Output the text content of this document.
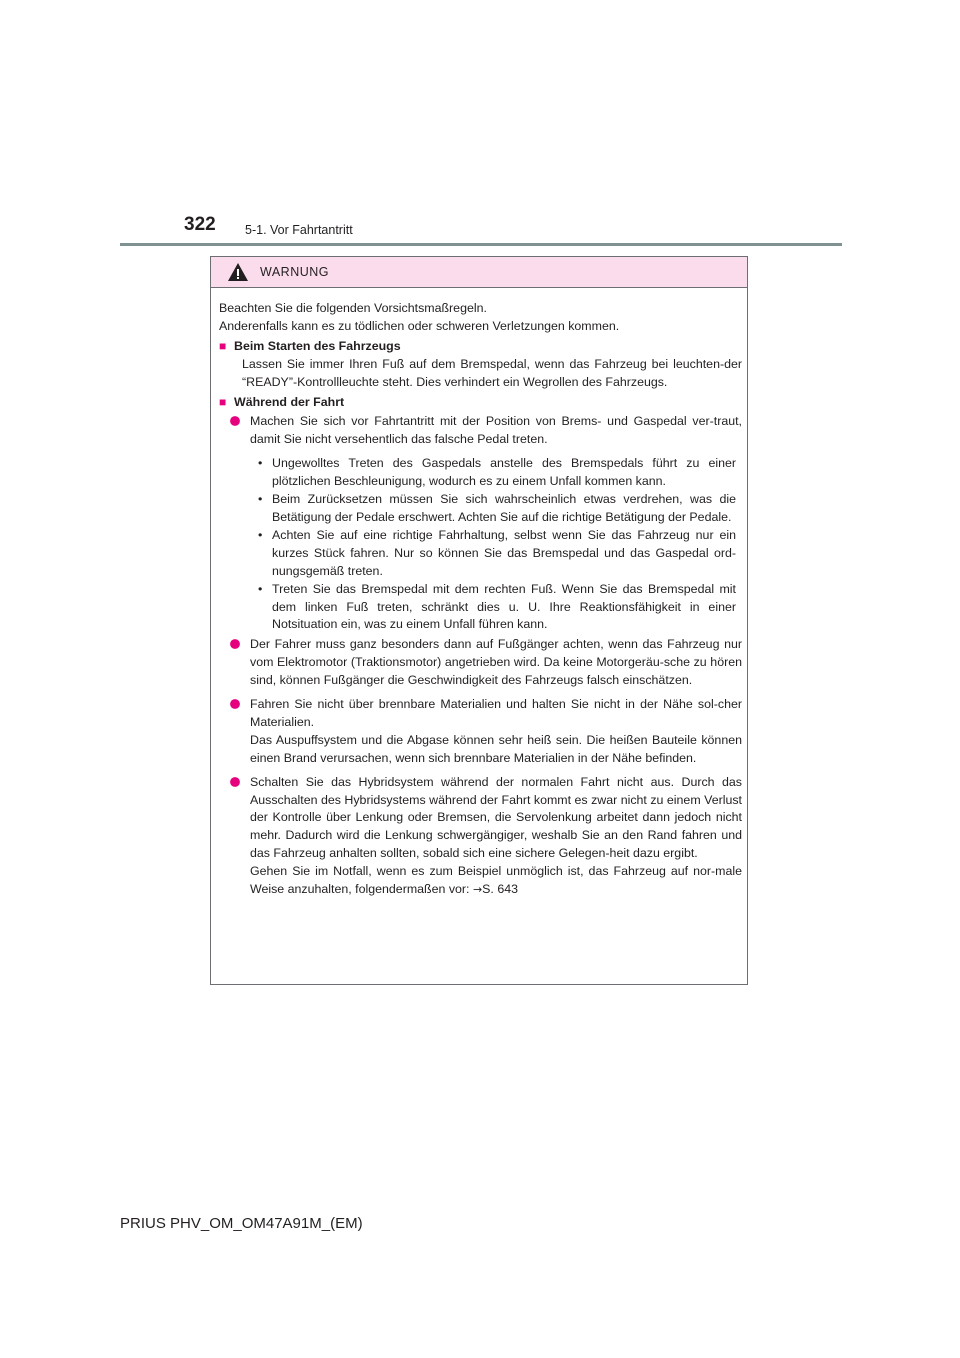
322 5-1. Vor Fahrtantritt
WARNUNG

Beachten Sie die folgenden Vorsichtsmaßregeln.
Anderenfalls kann es zu tödlichen oder schweren Verletzungen kommen.

■ Beim Starten des Fahrzeugs

Lassen Sie immer Ihren Fuß auf dem Bremspedal, wenn das Fahrzeug bei leuchten-der “READY”-Kontrollleuchte steht. Dies verhindert ein Wegrollen des Fahrzeugs.

■ Während der Fahrt

Machen Sie sich vor Fahrtantritt mit der Position von Brems- und Gaspedal ver-traut, damit Sie nicht versehentlich das falsche Pedal treten.

• Ungewolltes Treten des Gaspedals anstelle des Bremspedals führt zu einer plötzlichen Beschleunigung, wodurch es zu einem Unfall kommen kann.
• Beim Zurücksetzen müssen Sie sich wahrscheinlich etwas verdrehen, was die Betätigung der Pedale erschwert. Achten Sie auf die richtige Betätigung der Pedale.
• Achten Sie auf eine richtige Fahrhaltung, selbst wenn Sie das Fahrzeug nur ein kurzes Stück fahren. Nur so können Sie das Bremspedal und das Gaspedal ord-nungsgemäß treten.
• Treten Sie das Bremspedal mit dem rechten Fuß. Wenn Sie das Bremspedal mit dem linken Fuß treten, schränkt dies u. U. Ihre Reaktionsfähigkeit in einer Notsituation ein, was zu einem Unfall führen kann.

Der Fahrer muss ganz besonders dann auf Fußgänger achten, wenn das Fahrzeug nur vom Elektromotor (Traktionsmotor) angetrieben wird. Da keine Motorgeräu-sche zu hören sind, können Fußgänger die Geschwindigkeit des Fahrzeugs falsch einschätzen.

Fahren Sie nicht über brennbare Materialien und halten Sie nicht in der Nähe sol-cher Materialien.

Das Auspuffsystem und die Abgase können sehr heiß sein. Die heißen Bauteile können einen Brand verursachen, wenn sich brennbare Materialien in der Nähe befinden.

Schalten Sie das Hybridsystem während der normalen Fahrt nicht aus. Durch das Ausschalten des Hybridsystems während der Fahrt kommt es zwar nicht zu einem Verlust der Kontrolle über Lenkung oder Bremsen, die Servolenkung arbeitet dann jedoch nicht mehr. Dadurch wird die Lenkung schwergängiger, weshalb Sie an den Rand fahren und das Fahrzeug anhalten sollten, sobald sich eine sichere Gelegen-heit dazu ergibt.

Gehen Sie im Notfall, wenn es zum Beispiel unmöglich ist, das Fahrzeug auf nor-male Weise anzuhalten, folgendermaßen vor: →S. 643

PRIUS PHV_OM_OM47A91M_(EM)
